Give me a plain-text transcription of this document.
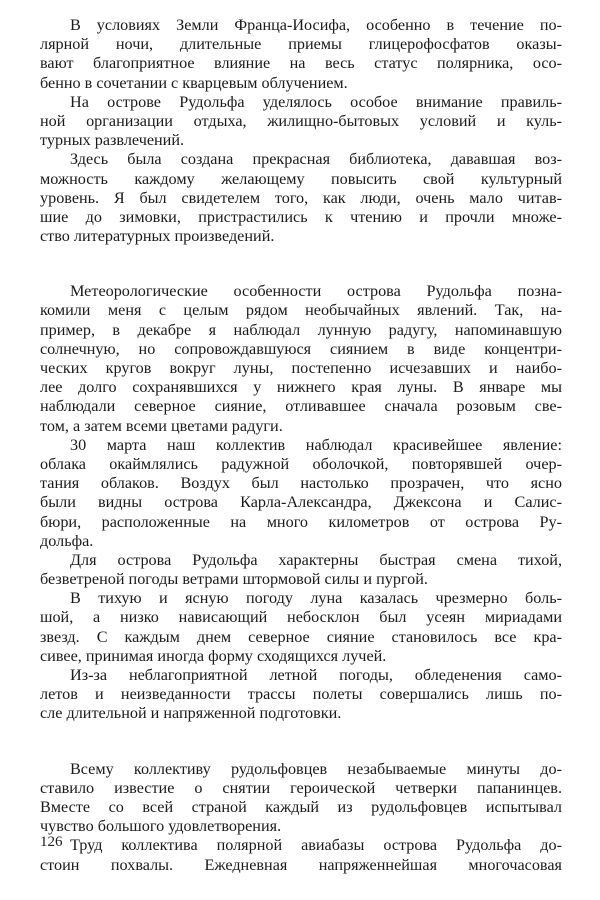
В условиях Земли Франца-Иосифа, особенно в течение по-
лярной ночи, длительные приемы глицерофосфатов оказы-
вают благоприятное влияние на весь статус полярника, осо-
бенно в сочетании с кварцевым облучением.
На острове Рудольфа уделялось особое внимание правиль-
ной организации отдыха, жилищно-бытовых условий и куль-
турных развлечений.
Здесь была создана прекрасная библиотека, дававшая воз-
можность каждому желающему повысить свой культурный
уровень. Я был свидетелем того, как люди, очень мало читав-
шие до зимовки, пристрастились к чтению и прочли множе-
ство литературных произведений.
Метеорологические особенности острова Рудольфа позна-
комили меня с целым рядом необычайных явлений. Так, на-
пример, в декабре я наблюдал лунную радугу, напоминавшую
солнечную, но сопровождавшуюся сиянием в виде концентри-
ческих кругов вокруг луны, постепенно исчезавших и наибо-
лее долго сохранявшихся у нижнего края луны. В январе мы
наблюдали северное сияние, отливавшее сначала розовым све-
том, а затем всеми цветами радуги.
30 марта наш коллектив наблюдал красивейшее явление:
облака окаймлялись радужной оболочкой, повторявшей очер-
тания облаков. Воздух был настолько прозрачен, что ясно
были видны острова Карла-Александра, Джексона и Салис-
бюри, расположенные на много километров от острова Ру-
дольфа.
Для острова Рудольфа характерны быстрая смена тихой,
безветреной погоды ветрами штормовой силы и пургой.
В тихую и ясную погоду луна казалась чрезмерно боль-
шой, а низко нависающий небосклон был усеян мириадами
звезд. С каждым днем северное сияние становилось все кра-
сивее, принимая иногда форму сходящихся лучей.
Из-за неблагоприятной летной погоды, обледенения само-
летов и неизведанности трассы полеты совершались лишь по-
сле длительной и напряженной подготовки.
Всему коллективу рудольфовцев незабываемые минуты до-
ставило известие о снятии героической четверки папанинцев.
Вместе со всей страной каждый из рудольфовцев испытывал
чувство большого удовлетворения.
Труд коллектива полярной авиабазы острова Рудольфа до-
стоин похвалы. Ежедневная напряженнейшая многочасовая
126
